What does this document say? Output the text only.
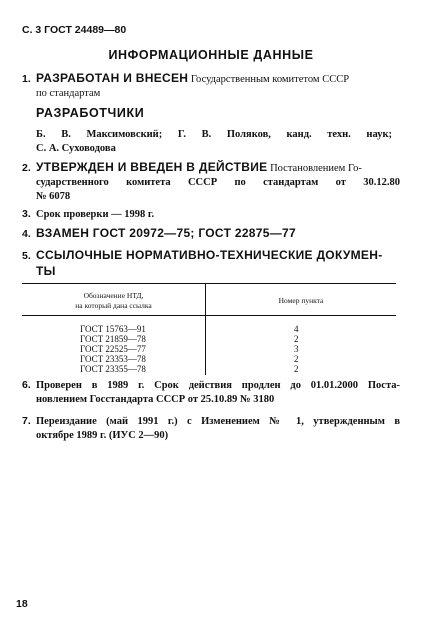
С. 3 ГОСТ 24489—80
ИНФОРМАЦИОННЫЕ ДАННЫЕ
1. РАЗРАБОТАН И ВНЕСЕН Государственным комитетом СССР
по стандартам
РАЗРАБОТЧИКИ
Б. В. Максимовский; Г. В. Поляков, канд. техн. наук;
С. А. Суховодова
2. УТВЕРЖДЕН И ВВЕДЕН В ДЕЙСТВИЕ Постановлением Го-
сударственного комитета СССР по стандартам от 30.12.80
№ 6078
3. Срок проверки — 1998 г.
4. ВЗАМЕН ГОСТ 20972—75; ГОСТ 22875—77
5. ССЫЛОЧНЫЕ НОРМАТИВНО-ТЕХНИЧЕСКИЕ ДОКУМЕН-
ТЫ
Обозначение НТД,
на который дана ссылка
Номер пункта
ГОСТ 15763—91	4
ГОСТ 21859—78	2
ГОСТ 22525—77	3
ГОСТ 23353—78	2
ГОСТ 23355—78	2
6. Проверен в 1989 г. Срок действия продлен до 01.01.2000 Поста-
новлением Госстандарта СССР от 25.10.89 № 3180
7. Переиздание (май 1991 г.) с Изменением № 1, утвержденным в
октябре 1989 г. (ИУС 2—90)
18
